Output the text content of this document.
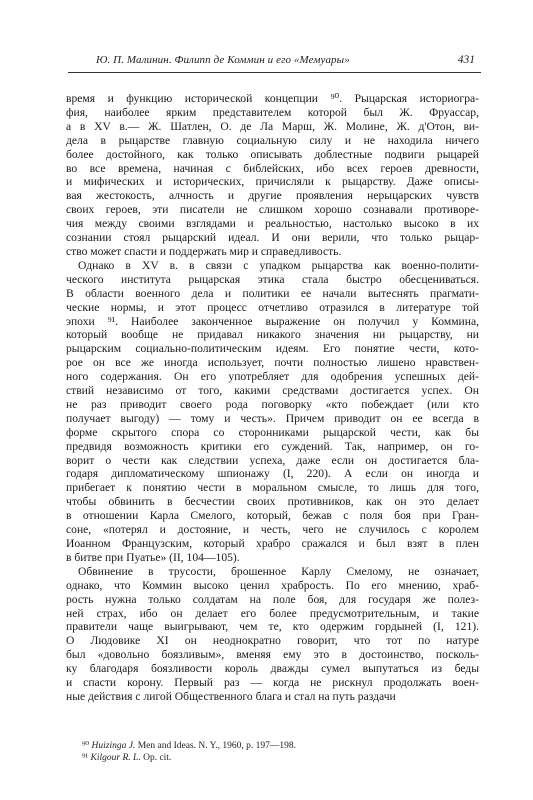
Ю. П. Малинин. Филипп де Коммин и его «Мемуары»	431

время и функцию исторической концепции ⁹⁰. Рыцарская историогра-
фия, наиболее ярким представителем которой был Ж. Фруассар,
а в XV в.— Ж. Шатлен, О. де Ла Марш, Ж. Молине, Ж. д'Отон, ви-
дела в рыцарстве главную социальную силу и не находила ничего
более достойного, как только описывать доблестные подвиги рыцарей
во все времена, начиная с библейских, ибо всех героев древности,
и мифических и исторических, причисляли к рыцарству. Даже описы-
вая жестокость, алчность и другие проявления нерыцарских чувств
своих героев, эти писатели не слишком хорошо сознавали противоре-
чия между своими взглядами и реальностью, настолько высоко в их
сознании стоял рыцарский идеал. И они верили, что только рыцар-
ство может спасти и поддержать мир и справедливость.

Однако в XV в. в связи с упадком рыцарства как военно-полити-
ческого института рыцарская этика стала быстро обесцениваться.
В области военного дела и политики ее начали вытеснять прагмати-
ческие нормы, и этот процесс отчетливо отразился в литературе той
эпохи ⁹¹. Наиболее законченное выражение он получил у Коммина,
который вообще не придавал никакого значения ни рыцарству, ни
рыцарским социально-политическим идеям. Его понятие чести, кото-
рое он все же иногда использует, почти полностью лишено нравствен-
ного содержания. Он его употребляет для одобрения успешных дей-
ствий независимо от того, какими средствами достигается успех. Он
не раз приводит своего рода поговорку «кто побеждает (или кто
получает выгоду) — тому и честь». Причем приводит он ее всегда в
форме скрытого спора со сторонниками рыцарской чести, как бы
предвидя возможность критики его суждений. Так, например, он го-
ворит о чести как следствии успеха, даже если он достигается бла-
годаря дипломатическому шпионажу (I, 220). А если он иногда и
прибегает к понятию чести в моральном смысле, то лишь для того,
чтобы обвинить в бесчестии своих противников, как он это делает
в отношении Карла Смелого, который, бежав с поля боя при Гран-
соне, «потерял и достояние, и честь, чего не случилось с королем
Иоанном Французским, который храбро сражался и был взят в плен
в битве при Пуатье» (II, 104—105).

Обвинение в трусости, брошенное Карлу Смелому, не означает,
однако, что Коммин высоко ценил храбрость. По его мнению, храб-
рость нужна только солдатам на поле боя, для государя же полез-
ней страх, ибо он делает его более предусмотрительным, и такие
правители чаще выигрывают, чем те, кто одержим гордыней (I, 121).
О Людовике XI он неоднократно говорит, что тот по натуре
был «довольно боязливым», вменяя ему это в достоинство, посколь-
ку благодаря боязливости король дважды сумел выпутаться из беды
и спасти корону. Первый раз — когда не рискнул продолжать воен-
ные действия с лигой Общественного блага и стал на путь раздачи

⁹⁰ Huizinga J. Men and Ideas. N. Y., 1960, p. 197—198.
⁹¹ Kilgour R. L. Op. cit.
